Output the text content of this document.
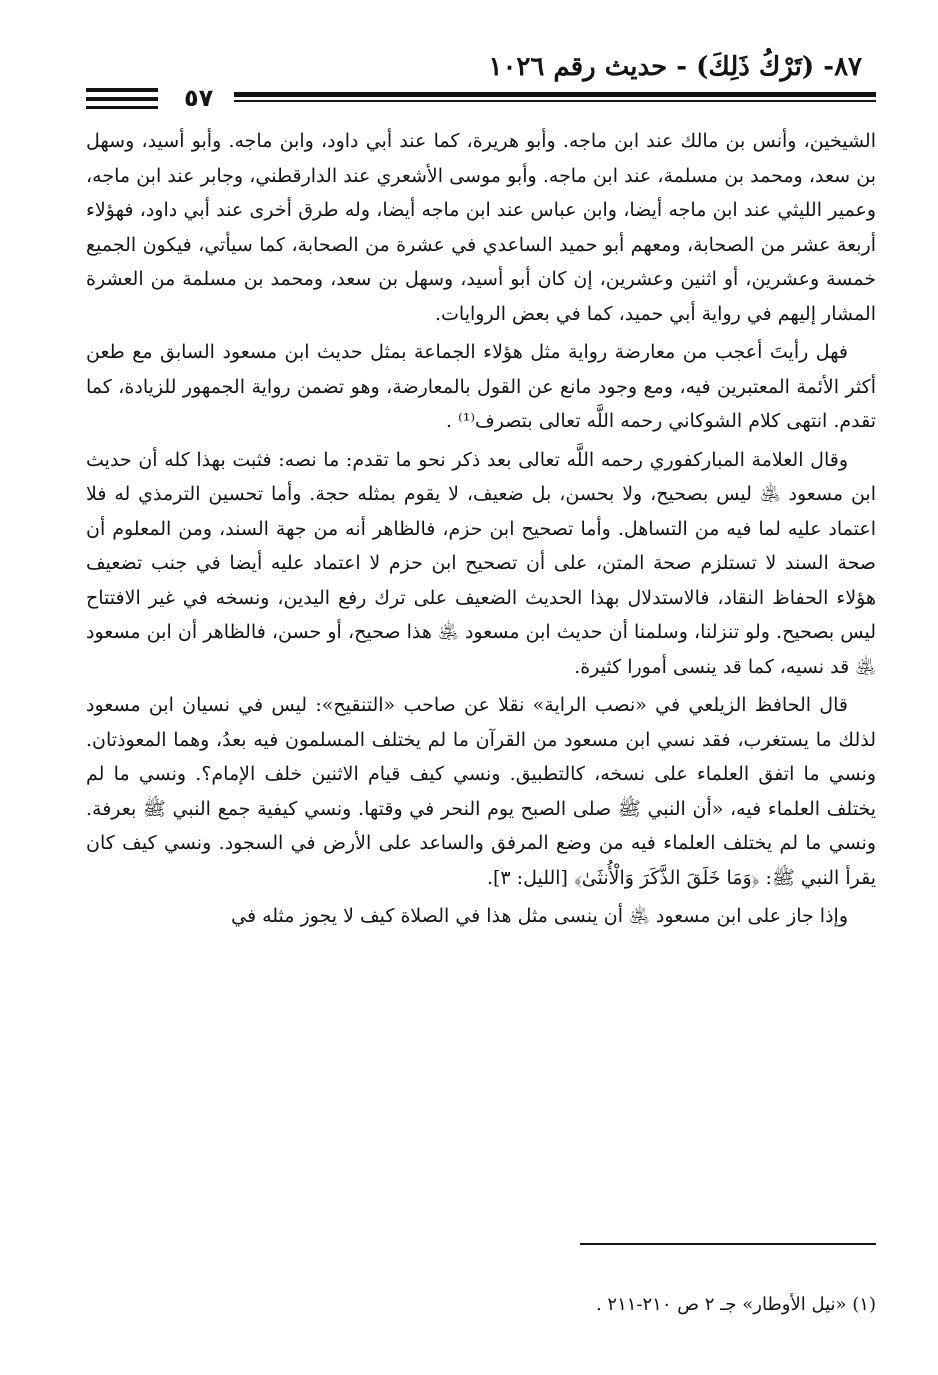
٨٧- (تَرْكُ ذَلِكَ) - حديث رقم ١٠٢٦
٥٧

الشيخين، وأنس بن مالك عند ابن ماجه. وأبو هريرة، كما عند أبي داود، وابن ماجه. وأبو أسيد، وسهل بن سعد، ومحمد بن مسلمة، عند ابن ماجه. وأبو موسى الأشعري عند الدارقطني، وجابر عند ابن ماجه، وعمير الليثي عند ابن ماجه أيضا، وابن عباس عند ابن ماجه أيضا، وله طرق أخرى عند أبي داود، فهؤلاء أربعة عشر من الصحابة، ومعهم أبو حميد الساعدي في عشرة من الصحابة، كما سيأتي، فيكون الجميع خمسة وعشرين، أو اثنين وعشرين، إن كان أبو أسيد، وسهل بن سعد، ومحمد بن مسلمة من العشرة المشار إليهم في رواية أبي حميد، كما في بعض الروايات.

فهل رأيتَ أعجب من معارضة رواية مثل هؤلاء الجماعة بمثل حديث ابن مسعود السابق مع طعن أكثر الأئمة المعتبرين فيه، ومع وجود مانع عن القول بالمعارضة، وهو تضمن رواية الجمهور للزيادة، كما تقدم. انتهى كلام الشوكاني رحمه اللَّه تعالى بتصرف⁽¹⁾ .

وقال العلامة المباركفوري رحمه اللَّه تعالى بعد ذكر نحو ما تقدم: ما نصه: فثبت بهذا كله أن حديث ابن مسعود ﵁ ليس بصحيح، ولا بحسن، بل ضعيف، لا يقوم بمثله حجة. وأما تحسين الترمذي له فلا اعتماد عليه لما فيه من التساهل. وأما تصحيح ابن حزم، فالظاهر أنه من جهة السند، ومن المعلوم أن صحة السند لا تستلزم صحة المتن، على أن تصحيح ابن حزم لا اعتماد عليه أيضا في جنب تضعيف هؤلاء الحفاظ النقاد، فالاستدلال بهذا الحديث الضعيف على ترك رفع اليدين، ونسخه في غير الافتتاح ليس بصحيح. ولو تنزلنا، وسلمنا أن حديث ابن مسعود ﵁ هذا صحيح، أو حسن، فالظاهر أن ابن مسعود ﵁ قد نسيه، كما قد ينسى أمورا كثيرة.

قال الحافظ الزيلعي في «نصب الراية» نقلا عن صاحب «التنقيح»: ليس في نسيان ابن مسعود لذلك ما يستغرب، فقد نسي ابن مسعود من القرآن ما لم يختلف المسلمون فيه بعدُ، وهما المعوذتان. ونسي ما اتفق العلماء على نسخه، كالتطبيق. ونسي كيف قيام الاثنين خلف الإمام؟. ونسي ما لم يختلف العلماء فيه، «أن النبي ﷺ صلى الصبح يوم النحر في وقتها. ونسي كيفية جمع النبي ﷺ بعرفة. ونسي ما لم يختلف العلماء فيه من وضع المرفق والساعد على الأرض في السجود. ونسي كيف كان يقرأ النبي ﷺ: ﴿وَمَا خَلَقَ الذَّكَرَ وَالْأُنثَىٰ﴾ [الليل: ٣].

وإذا جاز على ابن مسعود ﵁ أن ينسى مثل هذا في الصلاة كيف لا يجوز مثله في

(١) «نيل الأوطار» جـ ٢ ص ٢١٠-٢١١ .
